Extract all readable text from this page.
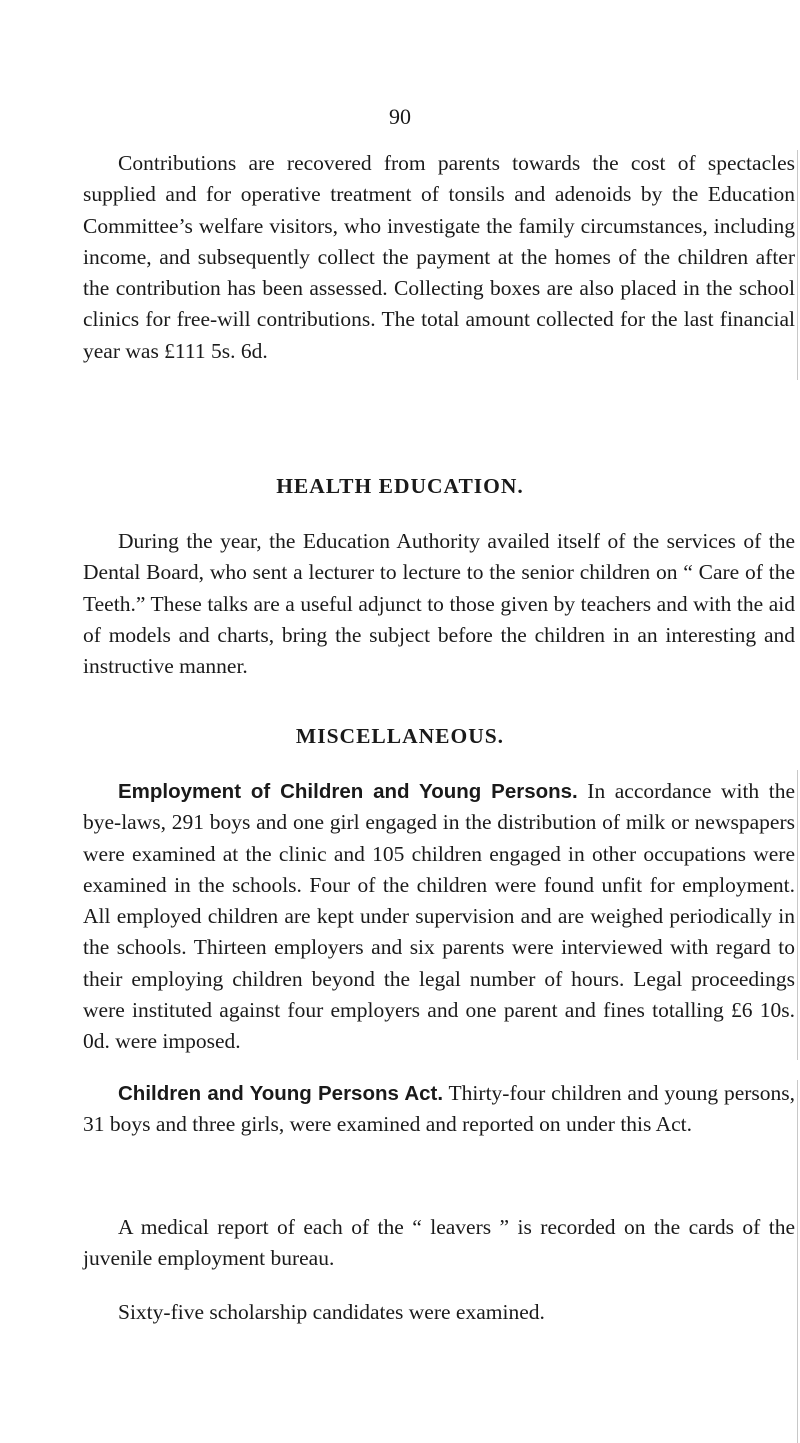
90

Contributions are recovered from parents towards the cost of spectacles supplied and for operative treatment of tonsils and adenoids by the Education Committee’s welfare visitors, who investigate the family circumstances, including income, and subsequently collect the payment at the homes of the children after the contribution has been assessed. Collecting boxes are also placed in the school clinics for free-will contributions. The total amount collected for the last financial year was £111 5s. 6d.

HEALTH EDUCATION.

During the year, the Education Authority availed itself of the services of the Dental Board, who sent a lecturer to lecture to the senior children on “ Care of the Teeth.” These talks are a useful adjunct to those given by teachers and with the aid of models and charts, bring the subject before the children in an interesting and instructive manner.

MISCELLANEOUS.

Employment of Children and Young Persons. In accordance with the bye-laws, 291 boys and one girl engaged in the distribution of milk or newspapers were examined at the clinic and 105 children engaged in other occupations were examined in the schools. Four of the children were found unfit for employment. All employed children are kept under supervision and are weighed periodically in the schools. Thirteen employers and six parents were interviewed with regard to their employing children beyond the legal number of hours. Legal proceedings were instituted against four employers and one parent and fines totalling £6 10s. 0d. were imposed.

Children and Young Persons Act. Thirty-four children and young persons, 31 boys and three girls, were examined and reported on under this Act.

A medical report of each of the “ leavers ” is recorded on the cards of the juvenile employment bureau.

Sixty-five scholarship candidates were examined.
